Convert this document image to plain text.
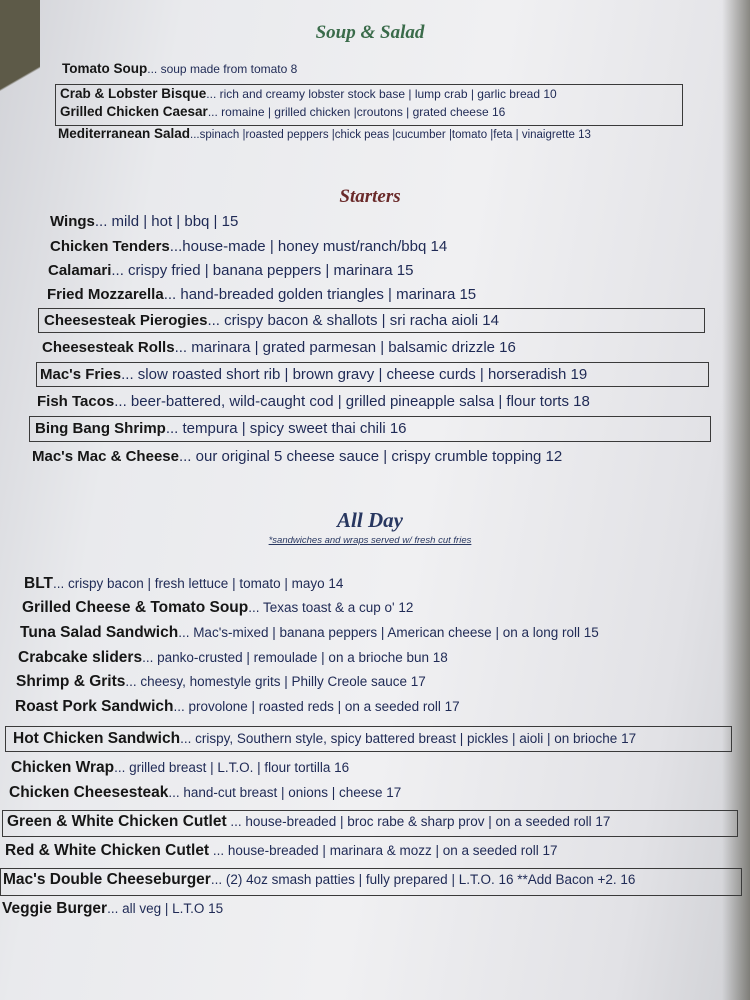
Soup & Salad
Tomato Soup... soup made from tomato 8
Crab & Lobster Bisque... rich and creamy lobster stock base | lump crab | garlic bread 10
Grilled Chicken Caesar... romaine | grilled chicken |croutons | grated cheese 16
Mediterranean Salad...spinach |roasted peppers |chick peas |cucumber |tomato |feta | vinaigrette 13
Starters
Wings... mild | hot | bbq | 15
Chicken Tenders...house-made | honey must/ranch/bbq 14
Calamari... crispy fried | banana peppers | marinara 15
Fried Mozzarella... hand-breaded golden triangles | marinara 15
Cheesesteak Pierogies... crispy bacon & shallots | sri racha aioli 14
Cheesesteak Rolls... marinara | grated parmesan | balsamic drizzle 16
Mac's Fries... slow roasted short rib | brown gravy | cheese curds | horseradish 19
Fish Tacos... beer-battered, wild-caught cod | grilled pineapple salsa | flour torts 18
Bing Bang Shrimp... tempura | spicy sweet thai chili 16
Mac's Mac & Cheese... our original 5 cheese sauce | crispy crumble topping 12
All Day
*sandwiches and wraps served w/ fresh cut fries
BLT... crispy bacon | fresh lettuce | tomato | mayo 14
Grilled Cheese & Tomato Soup... Texas toast & a cup o' 12
Tuna Salad Sandwich... Mac's-mixed | banana peppers | American cheese | on a long roll 15
Crabcake sliders... panko-crusted | remoulade | on a brioche bun 18
Shrimp & Grits... cheesy, homestyle grits | Philly Creole sauce 17
Roast Pork Sandwich... provolone | roasted reds | on a seeded roll 17
Hot Chicken Sandwich... crispy, Southern style, spicy battered breast | pickles | aioli | on brioche 17
Chicken Wrap... grilled breast | L.T.O. | flour tortilla 16
Chicken Cheesesteak... hand-cut breast | onions | cheese 17
Green & White Chicken Cutlet ... house-breaded | broc rabe & sharp prov | on a seeded roll 17
Red & White Chicken Cutlet ... house-breaded | marinara & mozz | on a seeded roll 17
Mac's Double Cheeseburger... (2) 4oz smash patties | fully prepared | L.T.O. 16 **Add Bacon +2. 16
Veggie Burger... all veg | L.T.O 15
